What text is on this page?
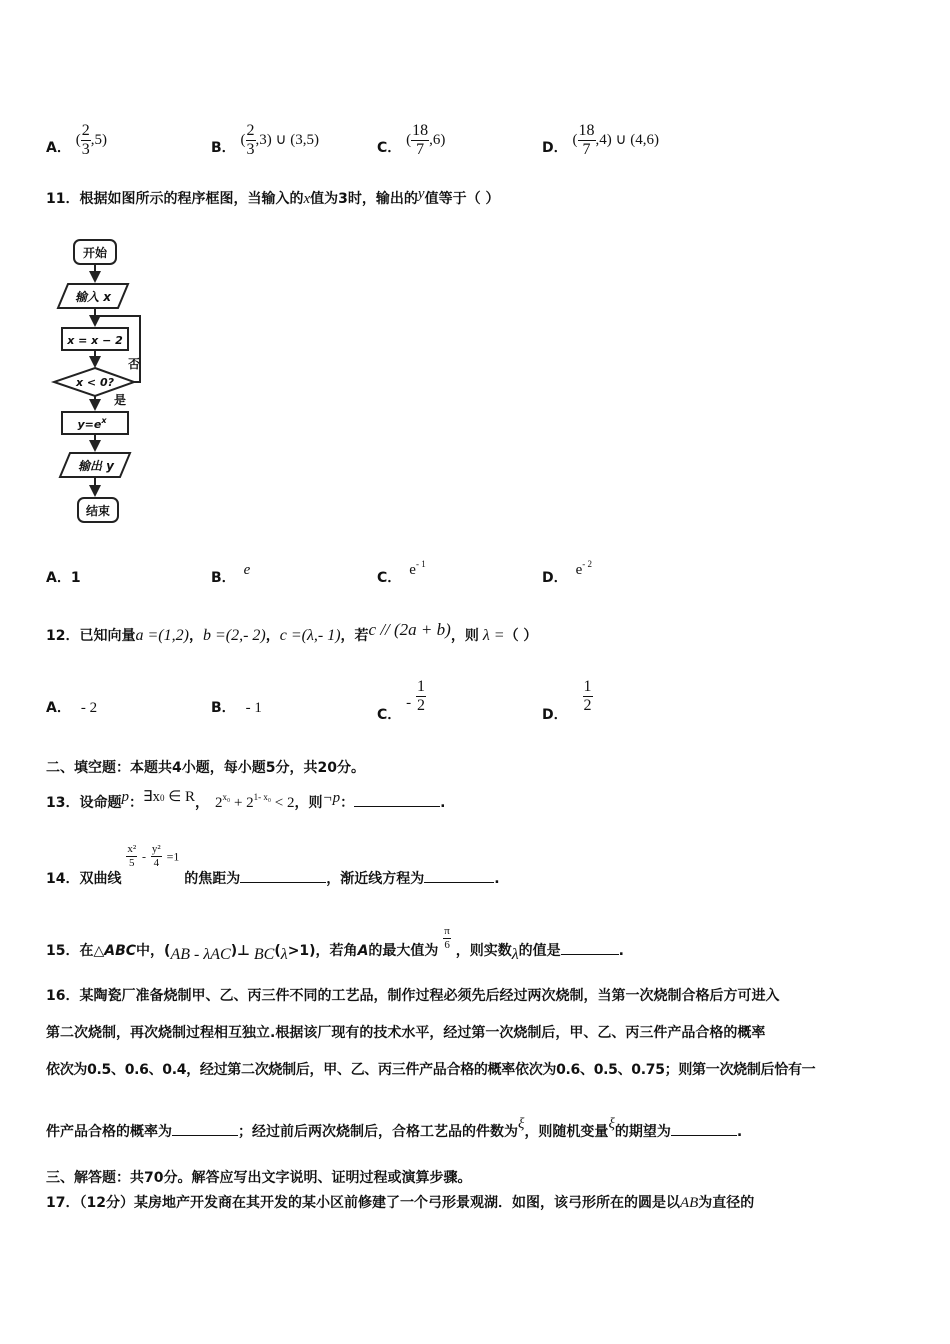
A． ( $\frac{2}{3} ,5$)	B． ( $\frac{2}{3} ,3$) ∪ (3,5)	C． ( $\frac{18}{7} ,6$)	D． ( $\frac{18}{7} ,4$) ∪ (4,6)
11．根据如图所示的程序框图，当输入的x值为3时，输出的y值等于（ ）
开始
输入 x
x = x − 2
x < 0?
否
是
$y=e^x$
输出 y
结束
A．1	B． e	C． $e^{- 1}$
D． $e^{- 2}$
12．已知向量a =(1,2)，b =(2,- 2)，c =(λ,- 1)，若c // (2a + b)，则 λ =（ ）
A． - 2	B． - 1	C． - $\frac{1}{2}$	D． $\frac{1}{2}$
二、填空题：本题共4小题，每小题5分，共20分。
13．设命题p：∃x0 ∈ R， $2^{x_0} + 2^{1- x_0} < 2$，则¬p：	.
14．双曲线
$\frac{\text{x²}}{5} - \frac{\text{y²}}{4} =1$ 的焦距为	，渐近线方程为	.
15．在△ABC中，(AB - λAC)⊥ BC(λ>1)，若角A的最大值为 $\frac{\pi}{6}$ ，则实数λ的值是	.
16．某陶瓷厂准备烧制甲、乙、丙三件不同的工艺品，制作过程必须先后经过两次烧制，当第一次烧制合格后方可进入
第二次烧制，再次烧制过程相互独立.根据该厂现有的技术水平，经过第一次烧制后，甲、乙、丙三件产品合格的概率
依次为0.5、0.6、0.4，经过第二次烧制后，甲、乙、丙三件产品合格的概率依次为0.6、0.5、0.75；则第一次烧制后恰有一
件产品合格的概率为	；经过前后两次烧制后，合格工艺品的件数为ξ，则随机变量ξ的期望为	.
三、解答题：共70分。解答应写出文字说明、证明过程或演算步骤。
17．（12分）某房地产开发商在其开发的某小区前修建了一个弓形景观湖．如图，该弓形所在的圆是以AB为直径的
